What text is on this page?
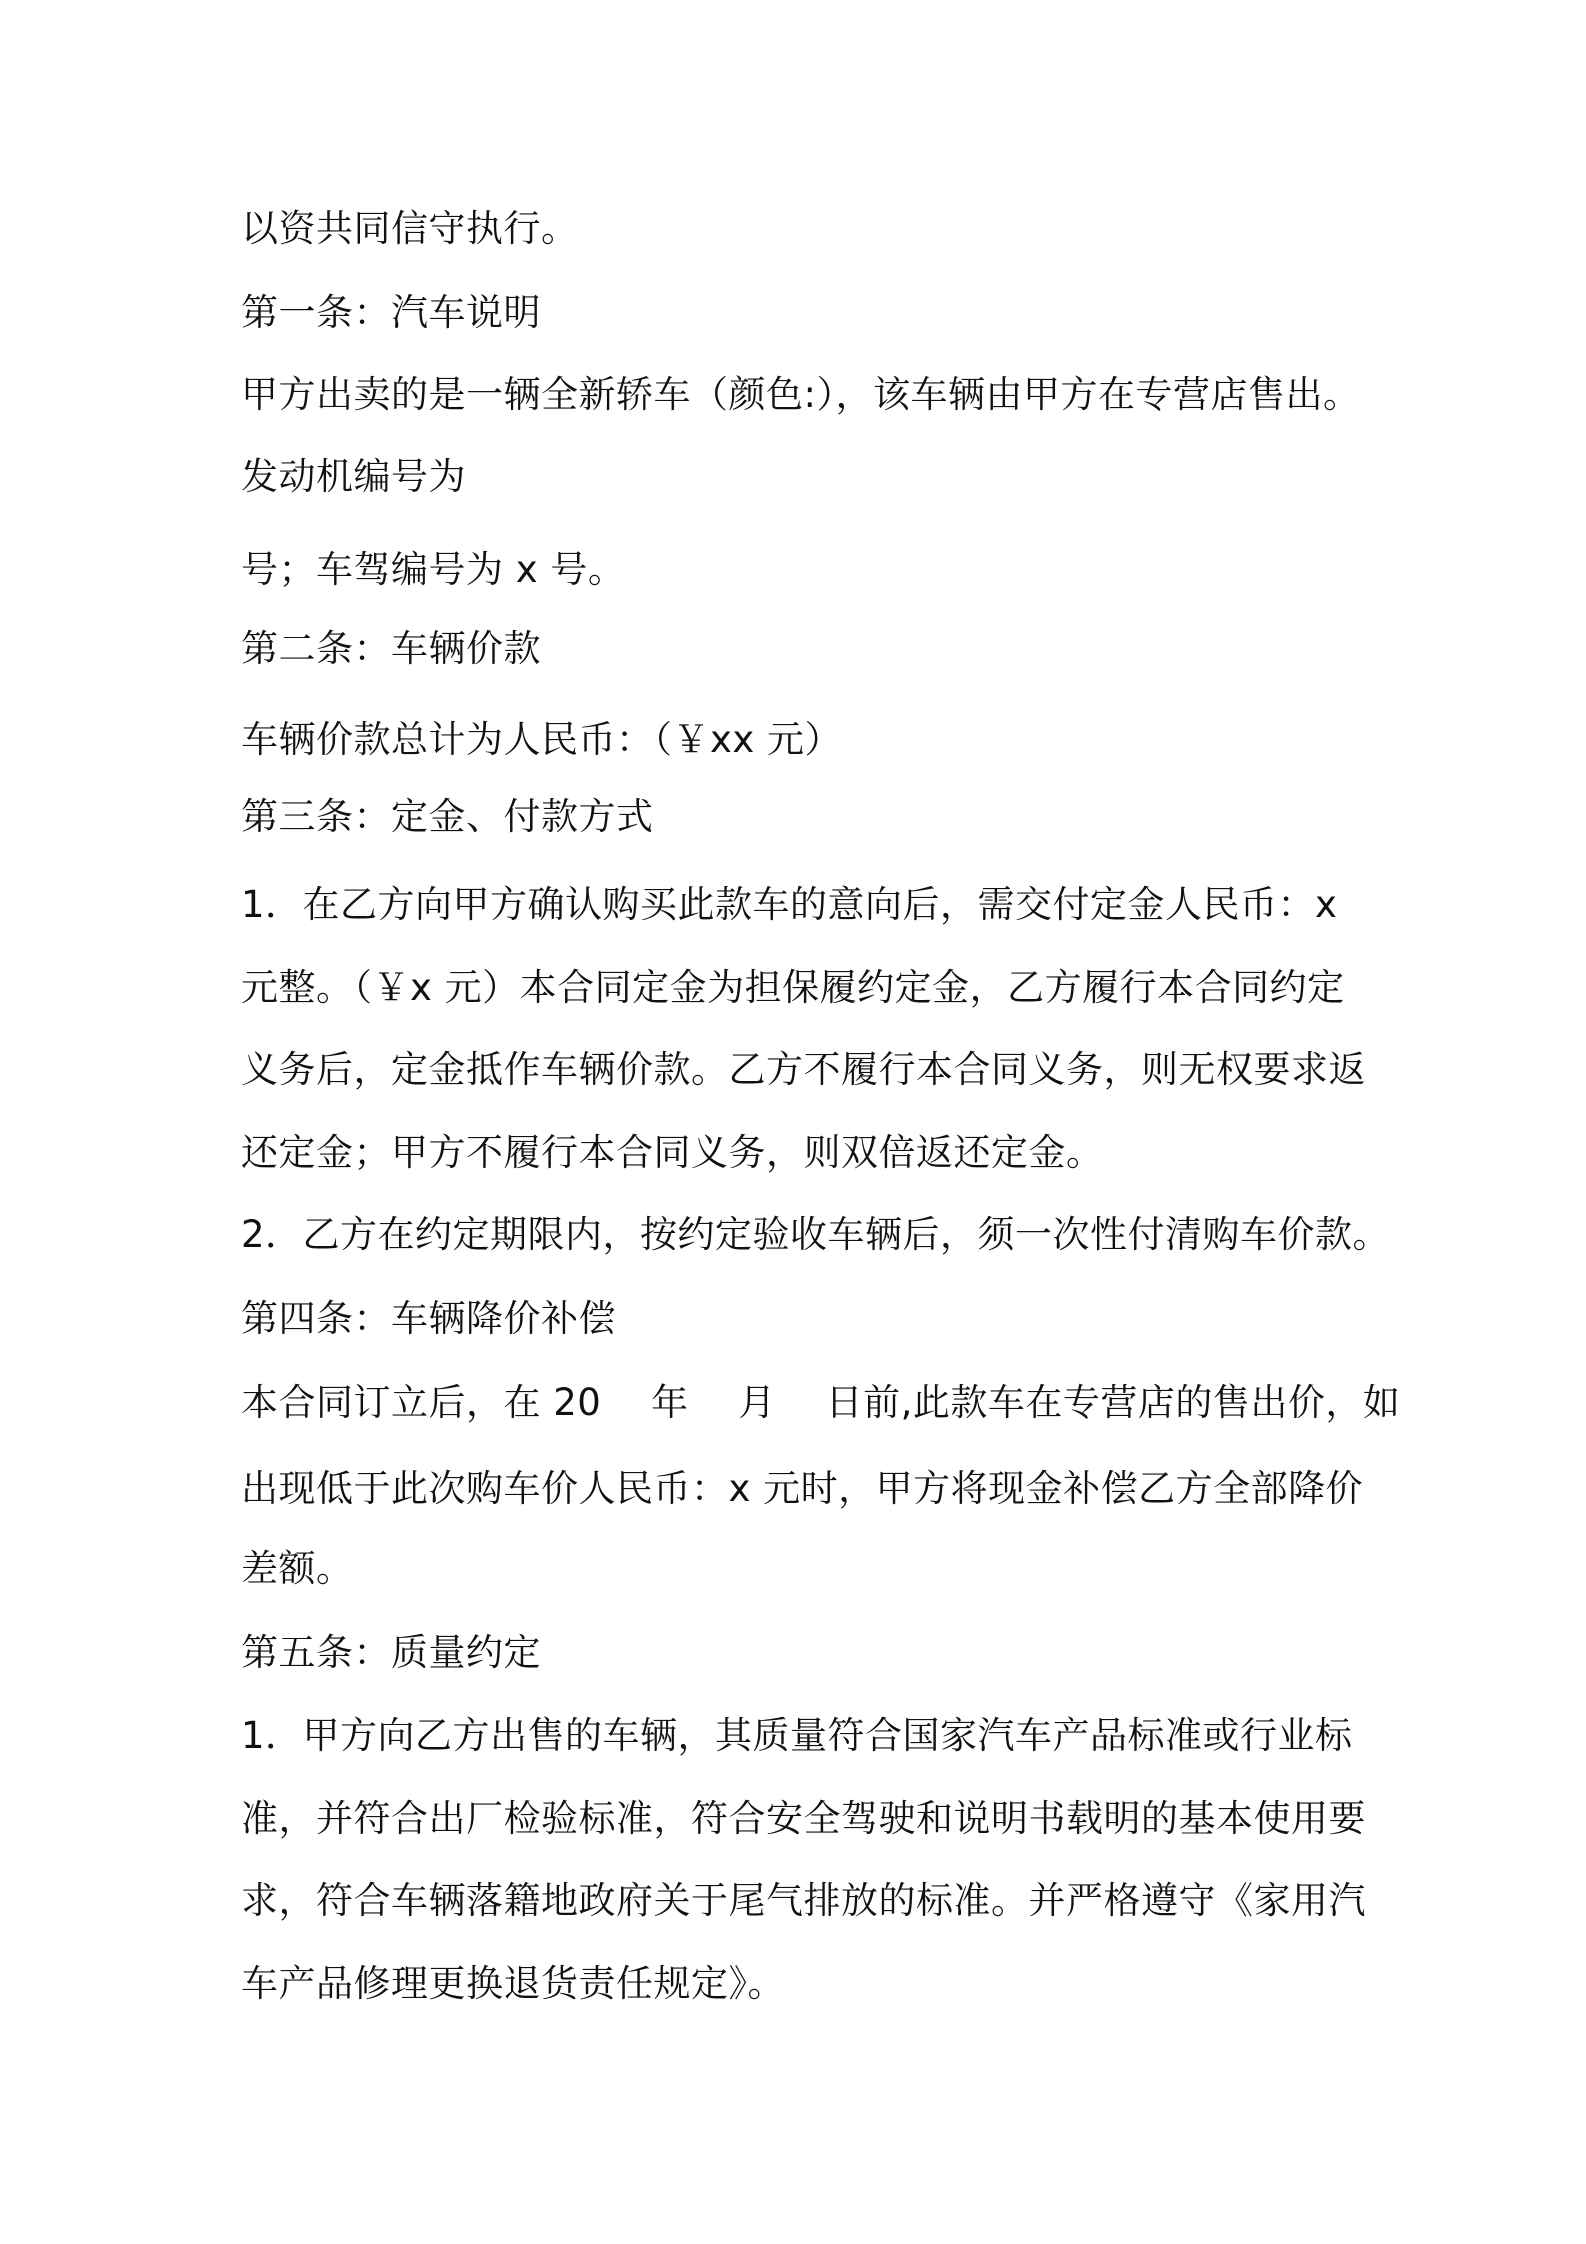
以资共同信守执行。
第一条：汽车说明
甲方出卖的是一辆全新轿车（颜色:），该车辆由甲方在专营店售出。
发动机编号为
号；车驾编号为 x 号。
第二条：车辆价款
车辆价款总计为人民币：（￥xx 元）
第三条：定金、付款方式
1．在乙方向甲方确认购买此款车的意向后，需交付定金人民币：x
元整。（￥x 元）本合同定金为担保履约定金，乙方履行本合同约定
义务后，定金抵作车辆价款。乙方不履行本合同义务，则无权要求返
还定金；甲方不履行本合同义务，则双倍返还定金。
2．乙方在约定期限内，按约定验收车辆后，须一次性付清购车价款。
第四条：车辆降价补偿
本合同订立后，在 20　 年　 月　 日前,此款车在专营店的售出价，如
出现低于此次购车价人民币：x 元时，甲方将现金补偿乙方全部降价
差额。
第五条：质量约定
1．甲方向乙方出售的车辆，其质量符合国家汽车产品标准或行业标
准，并符合出厂检验标准，符合安全驾驶和说明书载明的基本使用要
求，符合车辆落籍地政府关于尾气排放的标准。并严格遵守《家用汽
车产品修理更换退货责任规定》。
